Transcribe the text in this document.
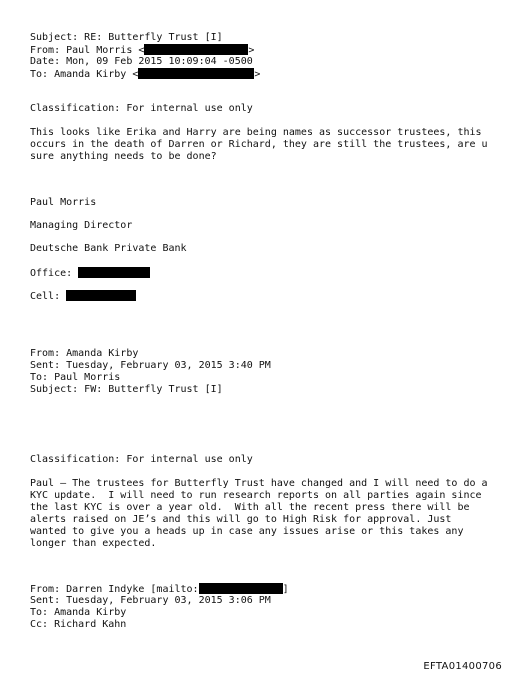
Subject: RE: Butterfly Trust [I]
From: Paul Morris <	>
Date: Mon, 09 Feb 2015 10:09:04 -0500
To: Amanda Kirby <	>
Classification: For internal use only
This looks like Erika and Harry are being names as successor trustees, this
occurs in the death of Darren or Richard, they are still the trustees, are u
sure anything needs to be done?
Paul Morris
Managing Director
Deutsche Bank Private Bank
Office:
Cell:
From: Amanda Kirby
Sent: Tuesday, February 03, 2015 3:40 PM
To: Paul Morris
Subject: FW: Butterfly Trust [I]
Classification: For internal use only
Paul – The trustees for Butterfly Trust have changed and I will need to do a
KYC update.  I will need to run research reports on all parties again since
the last KYC is over a year old.  With all the recent press there will be
alerts raised on JE’s and this will go to High Risk for approval. Just
wanted to give you a heads up in case any issues arise or this takes any
longer than expected.
From: Darren Indyke [mailto:	]
Sent: Tuesday, February 03, 2015 3:06 PM
To: Amanda Kirby
Cc: Richard Kahn
EFTA01400706
